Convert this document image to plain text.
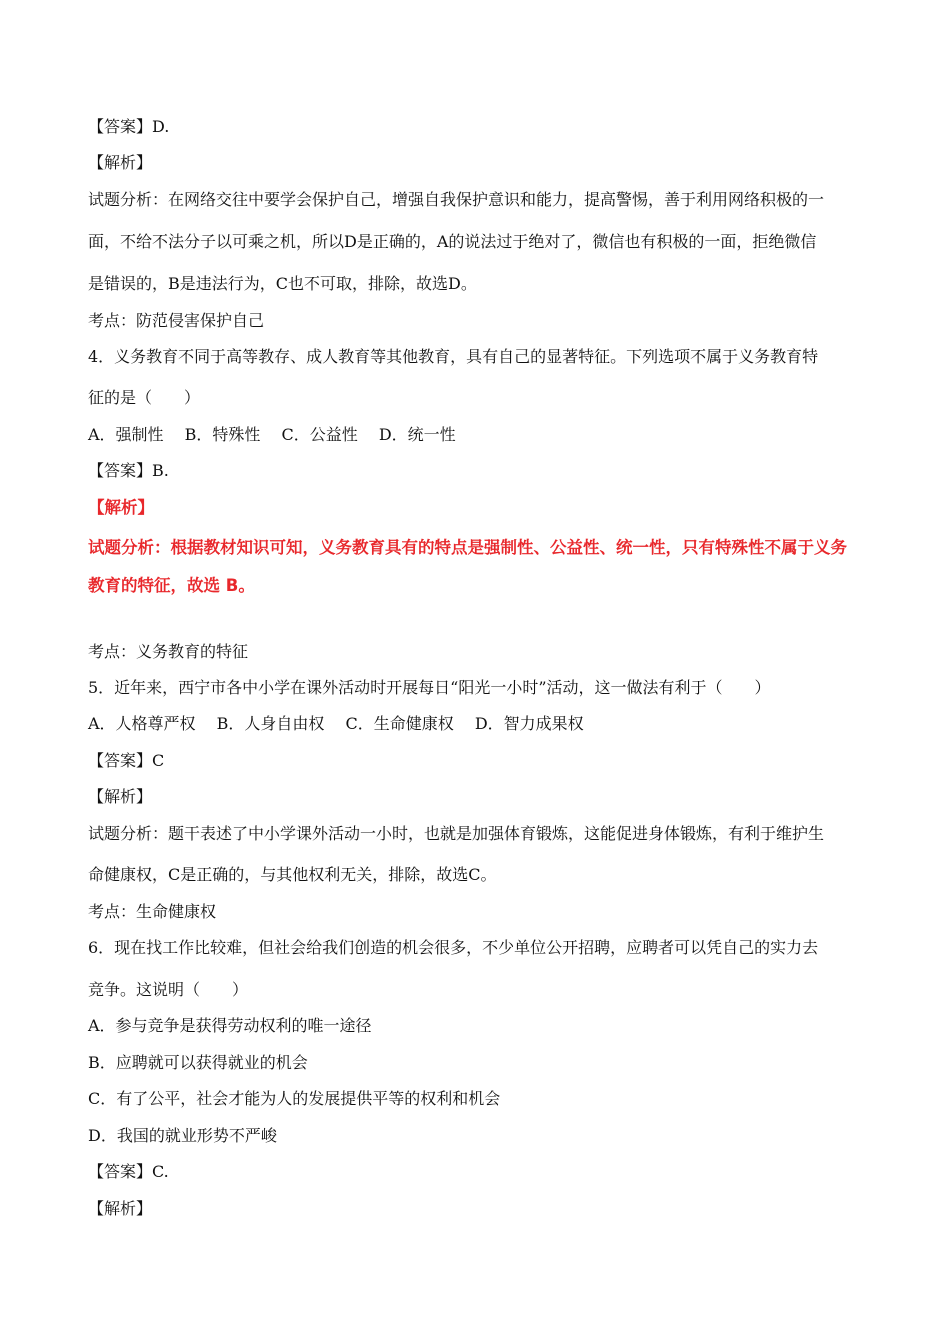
【答案】D.
【解析】
试题分析：在网络交往中要学会保护自己，增强自我保护意识和能力，提高警惕，善于利用网络积极的一
面，不给不法分子以可乘之机，所以D是正确的，A的说法过于绝对了，微信也有积极的一面，拒绝微信
是错误的，B是违法行为，C也不可取，排除，故选D。
考点：防范侵害保护自己
4．义务教育不同于高等教存、成人教育等其他教育，具有自己的显著特征。下列选项不属于义务教育特
征的是（　　）
A．强制性　 B．特殊性　 C．公益性　 D．统一性
【答案】B.
【解析】
试题分析：根据教材知识可知，义务教育具有的特点是强制性、公益性、统一性，只有特殊性不属于义务
教育的特征，故选 B。
考点：义务教育的特征
5．近年来，西宁市各中小学在课外活动时开展每日“阳光一小时”活动，这一做法有利于（　　）
A．人格尊严权　 B．人身自由权　 C．生命健康权　 D．智力成果权
【答案】C
【解析】
试题分析：题干表述了中小学课外活动一小时，也就是加强体育锻炼，这能促进身体锻炼，有利于维护生
命健康权，C是正确的，与其他权利无关，排除，故选C。
考点：生命健康权
6．现在找工作比较难，但社会给我们创造的机会很多，不少单位公开招聘，应聘者可以凭自己的实力去
竞争。这说明（　　）
A．参与竞争是获得劳动权利的唯一途径
B．应聘就可以获得就业的机会
C．有了公平，社会才能为人的发展提供平等的权利和机会
D．我国的就业形势不严峻
【答案】C.
【解析】
